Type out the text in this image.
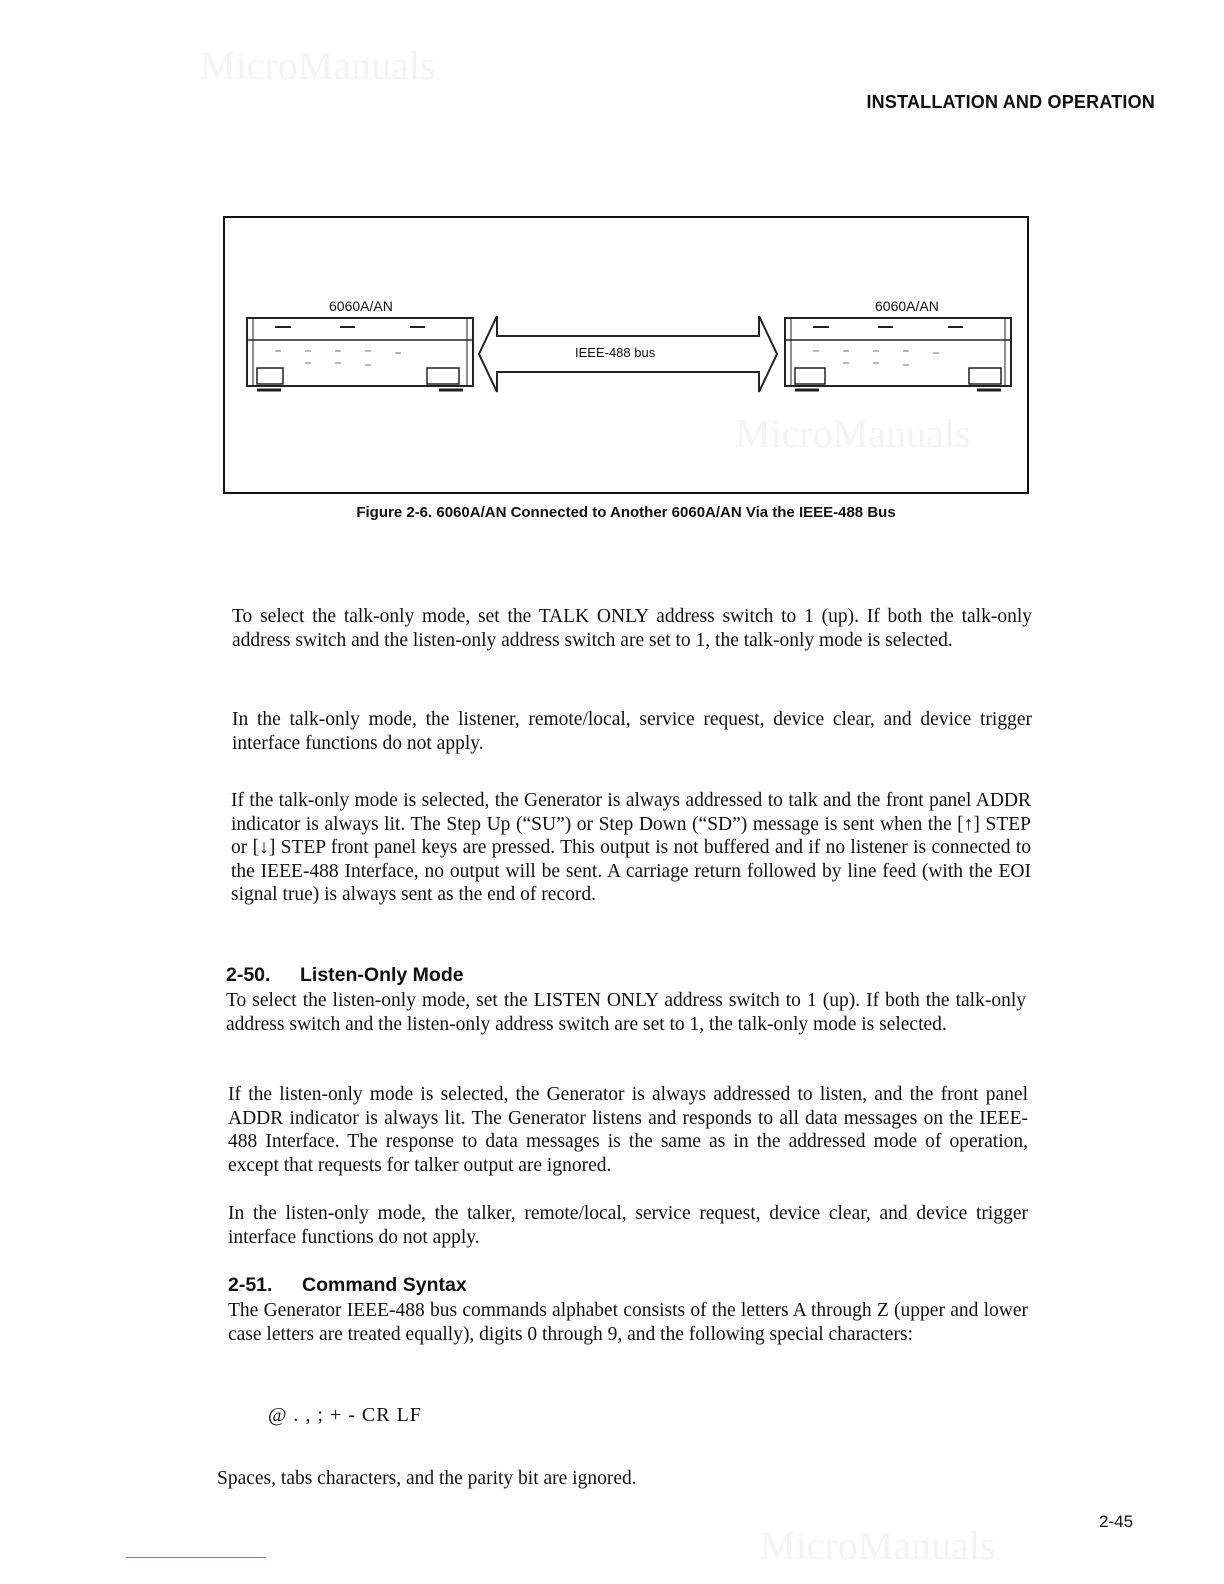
MicroManuals
MicroManuals
MicroManuals
INSTALLATION AND OPERATION
6060A/AN	6060A/AN
IEEE-488 bus
Figure 2-6. 6060A/AN Connected to Another 6060A/AN Via the IEEE-488 Bus

To select the talk-only mode, set the TALK ONLY address switch to 1 (up). If both the talk-only address switch and the listen-only address switch are set to 1, the talk-only mode is selected.

In the talk-only mode, the listener, remote/local, service request, device clear, and device trigger interface functions do not apply.

If the talk-only mode is selected, the Generator is always addressed to talk and the front panel ADDR indicator is always lit. The Step Up (“SU”) or Step Down (“SD”) message is sent when the [↑] STEP or [↓] STEP front panel keys are pressed. This output is not buffered and if no listener is connected to the IEEE-488 Interface, no output will be sent. A carriage return followed by line feed (with the EOI signal true) is always sent as the end of record.

2-50. Listen-Only Mode

To select the listen-only mode, set the LISTEN ONLY address switch to 1 (up). If both the talk-only address switch and the listen-only address switch are set to 1, the talk-only mode is selected.

If the listen-only mode is selected, the Generator is always addressed to listen, and the front panel ADDR indicator is always lit. The Generator listens and responds to all data messages on the IEEE-488 Interface. The response to data messages is the same as in the addressed mode of operation, except that requests for talker output are ignored.

In the listen-only mode, the talker, remote/local, service request, device clear, and device trigger interface functions do not apply.

2-51. Command Syntax

The Generator IEEE-488 bus commands alphabet consists of the letters A through Z (upper and lower case letters are treated equally), digits 0 through 9, and the following special characters:

@ . , ; + - CR LF

Spaces, tabs characters, and the parity bit are ignored.

2-45
